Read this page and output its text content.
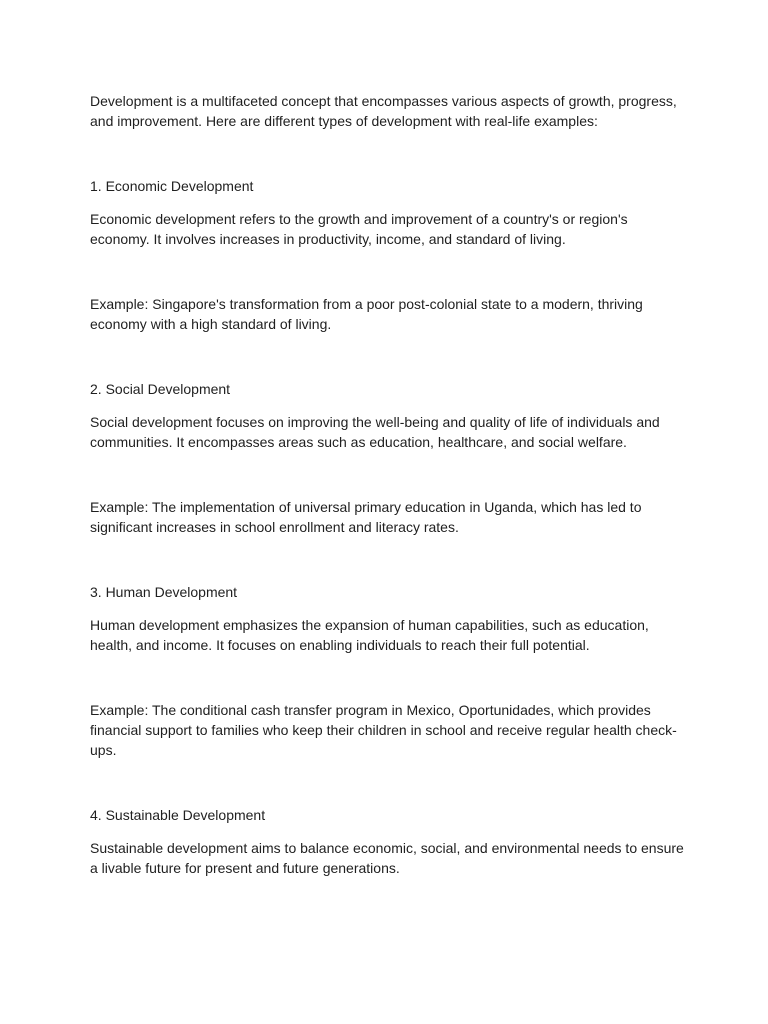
Development is a multifaceted concept that encompasses various aspects of growth, progress, and improvement. Here are different types of development with real-life examples:

1. Economic Development

Economic development refers to the growth and improvement of a country's or region's economy. It involves increases in productivity, income, and standard of living.

Example: Singapore's transformation from a poor post-colonial state to a modern, thriving economy with a high standard of living.

2. Social Development

Social development focuses on improving the well-being and quality of life of individuals and communities. It encompasses areas such as education, healthcare, and social welfare.

Example: The implementation of universal primary education in Uganda, which has led to significant increases in school enrollment and literacy rates.

3. Human Development

Human development emphasizes the expansion of human capabilities, such as education, health, and income. It focuses on enabling individuals to reach their full potential.

Example: The conditional cash transfer program in Mexico, Oportunidades, which provides financial support to families who keep their children in school and receive regular health check-ups.

4. Sustainable Development

Sustainable development aims to balance economic, social, and environmental needs to ensure a livable future for present and future generations.
